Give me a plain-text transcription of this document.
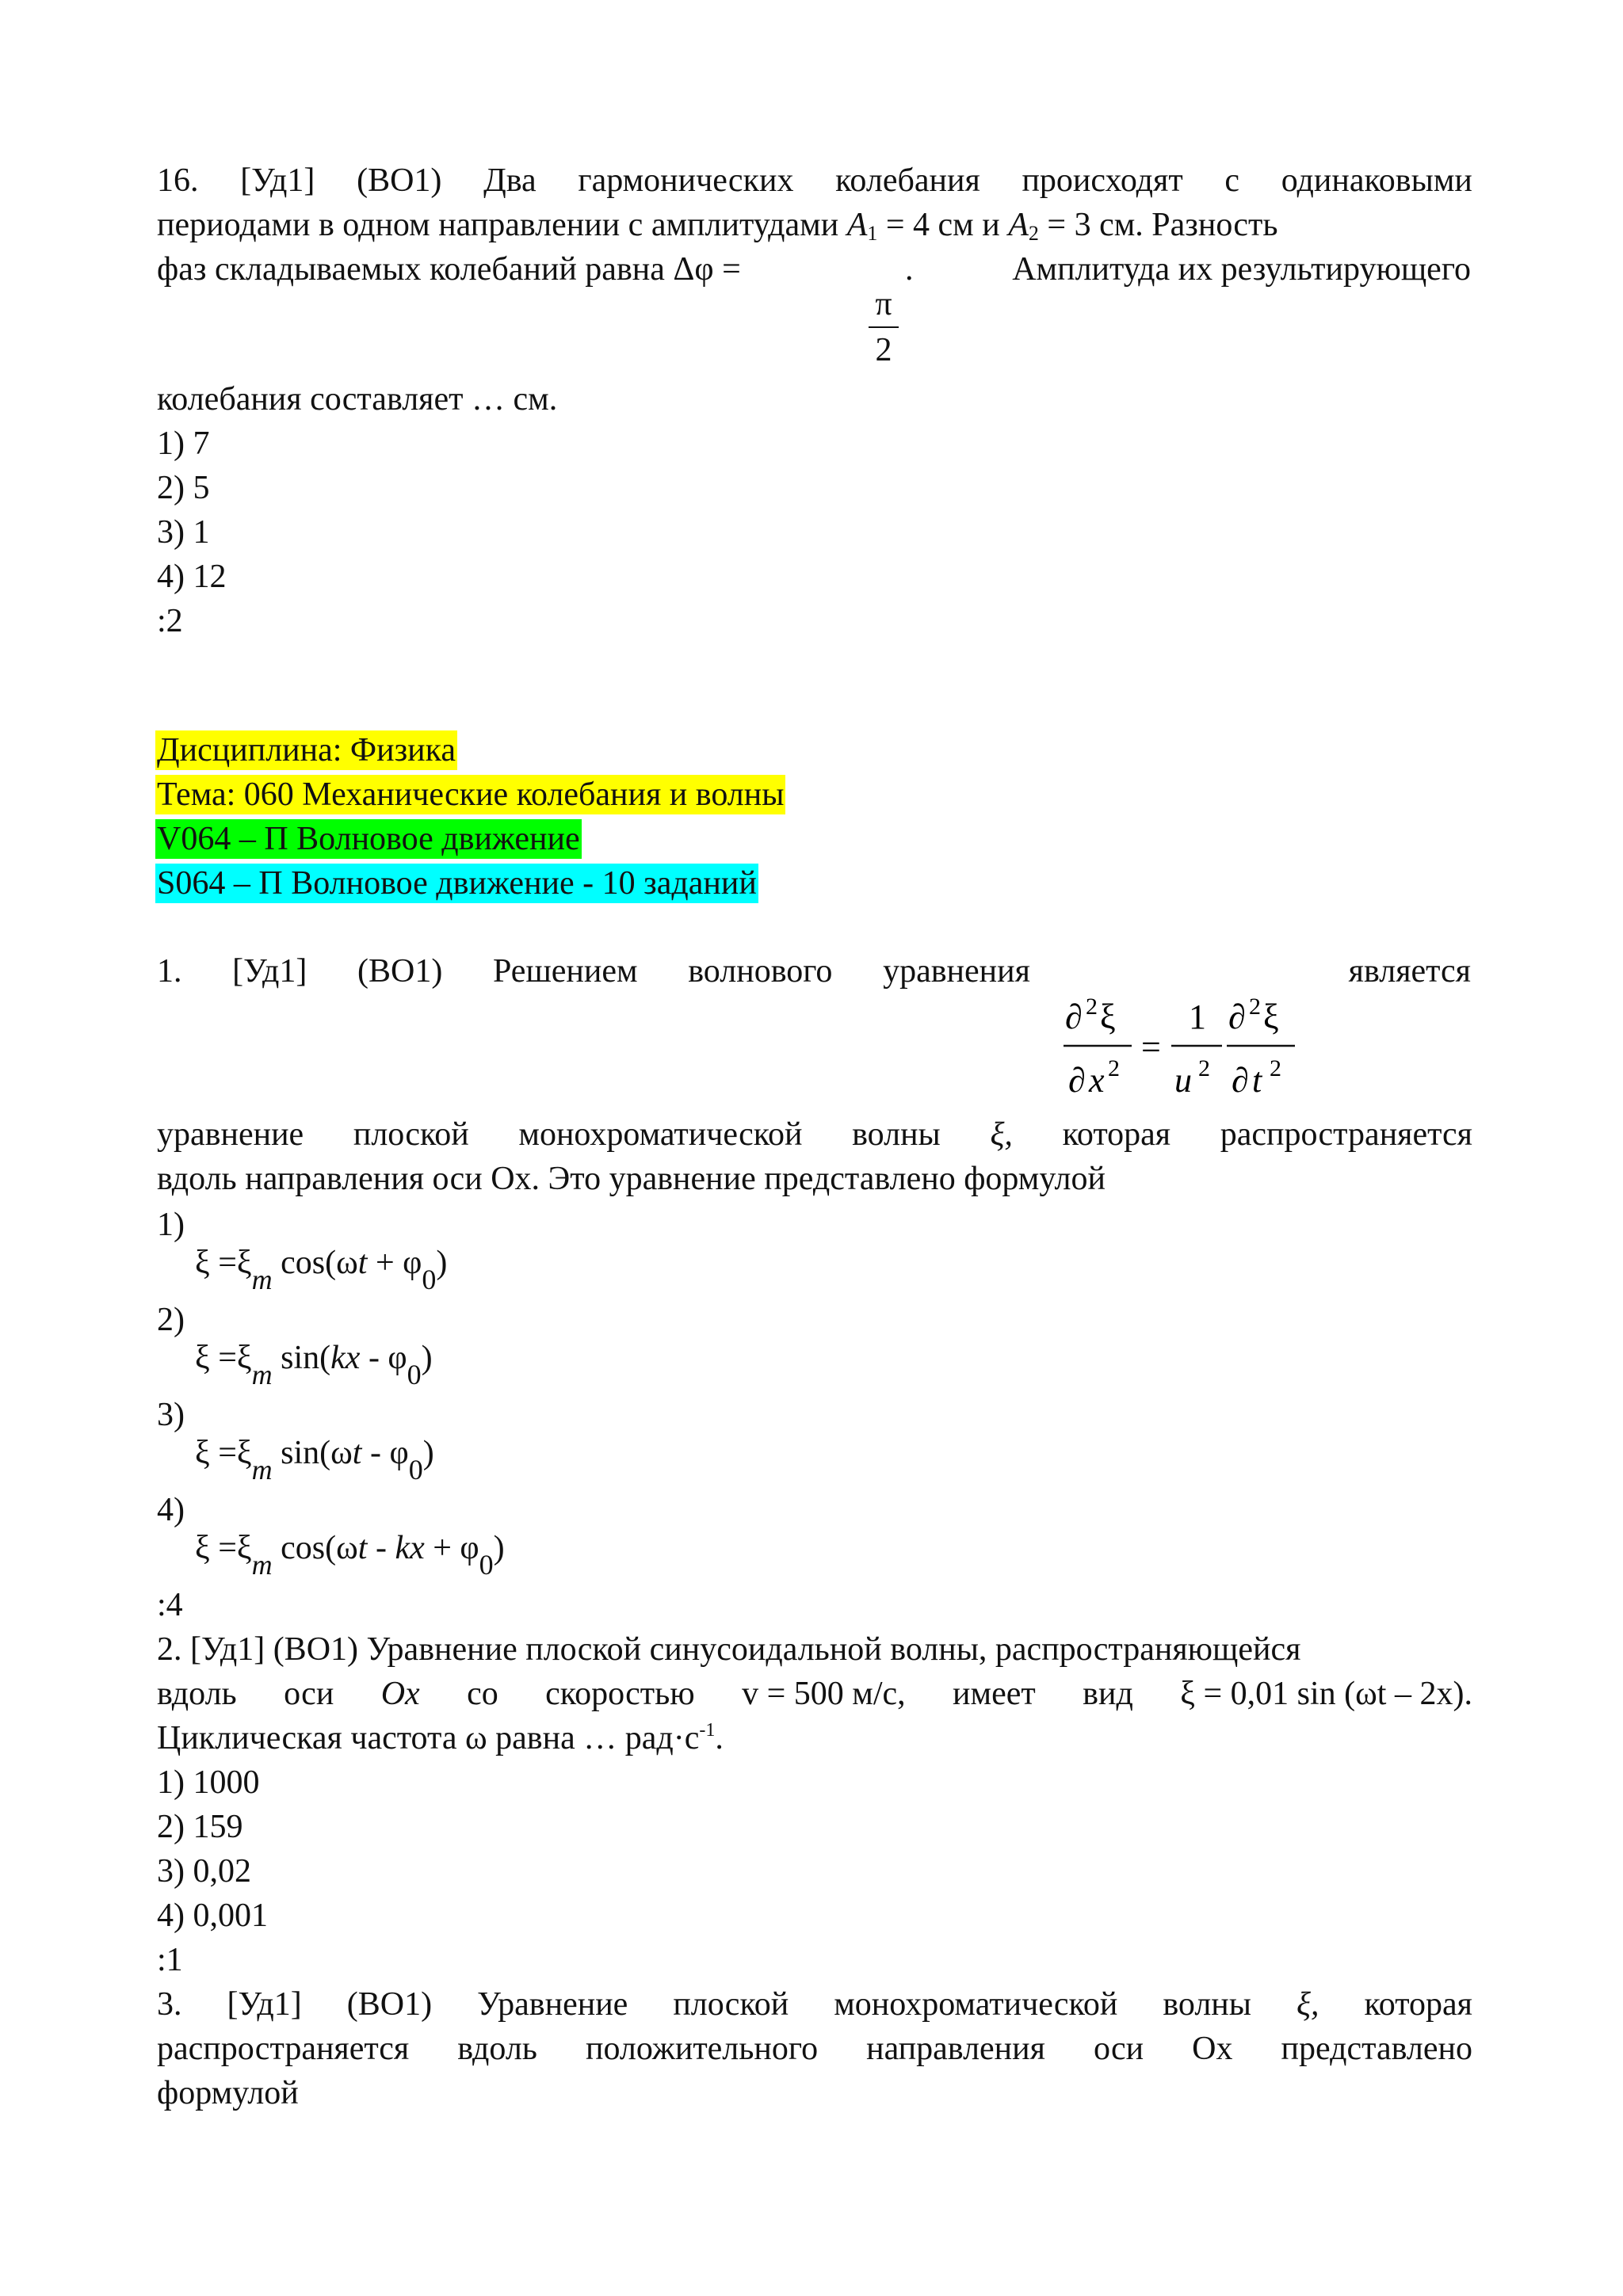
16. [Уд1] (ВО1) Два гармонических колебания происходят с одинаковыми
периодами в одном направлении с амплитудами $A_1 = 4$ см и $A_2 = 3$ см. Разность
фаз складываемых колебаний равна Δφ =	.	Амплитуда их результирующего
π
2
колебания составляет … см.
1) 7
2) 5
3) 1
4) 12
:2
Дисциплина: Физика
Тема: 060 Механические колебания и волны
V064 – П Волновое движение
S064 – П Волновое движение - 10 заданий
1. [Уд1] (ВО1) Решением волнового уравнения	является
∂ 2 ξ
∂ x 2
=
1
u 2
∂ 2 ξ
∂ t 2
уравнение плоской монохроматической волны ξ, которая распространяется
вдоль направления оси Ох. Это уравнение представлено формулой
1)
ξ =ξm cos(ωt + φ0)
2)
ξ =ξm sin(kx - φ0)
3)
ξ =ξm sin(ωt - φ0)
4)
ξ =ξm cos(ωt - kx + φ0)
:4
2. [Уд1] (ВО1) Уравнение плоской синусоидальной волны, распространяющейся
вдоль оси Ox со скоростью v = 500 м/с, имеет вид ξ = 0,01 sin (ωt – 2x).
Циклическая частота ω равна … $рад\cdot с^{-1}$.
1) 1000
2) 159
3) 0,02
4) 0,001
:1
3. [Уд1] (ВО1) Уравнение плоской монохроматической волны ξ, которая
распространяется вдоль положительного направления оси Ох представлено
формулой
